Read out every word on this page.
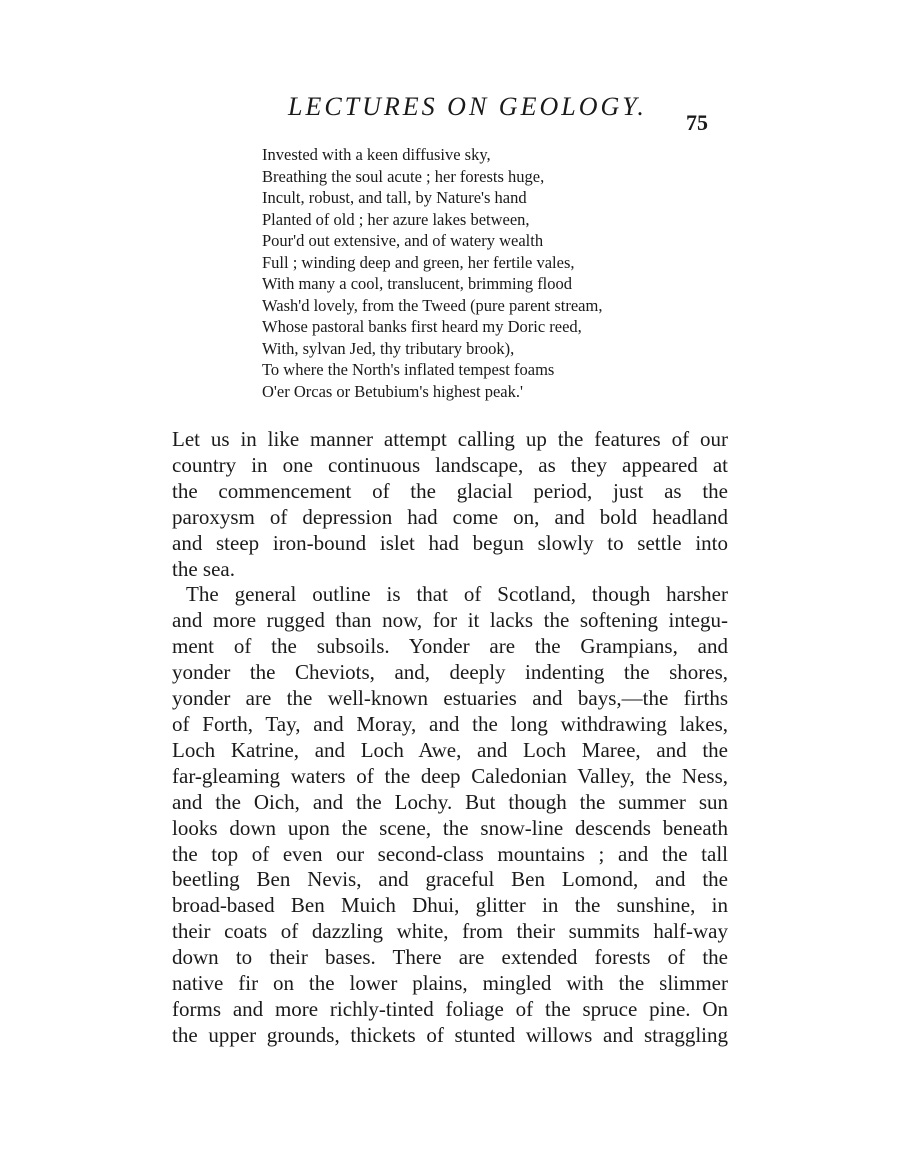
LECTURES ON GEOLOGY.
75
Invested with a keen diffusive sky,
Breathing the soul acute ; her forests huge,
Incult, robust, and tall, by Nature's hand
Planted of old ; her azure lakes between,
Pour'd out extensive, and of watery wealth
Full ; winding deep and green, her fertile vales,
With many a cool, translucent, brimming flood
Wash'd lovely, from the Tweed (pure parent stream,
Whose pastoral banks first heard my Doric reed,
With, sylvan Jed, thy tributary brook),
To where the North's inflated tempest foams
O'er Orcas or Betubium's highest peak.'

Let us in like manner attempt calling up the features of our
country in one continuous landscape, as they appeared at
the commencement of the glacial period, just as the
paroxysm of depression had come on, and bold headland
and steep iron-bound islet had begun slowly to settle into
the sea.

The general outline is that of Scotland, though harsher
and more rugged than now, for it lacks the softening integu-
ment of the subsoils. Yonder are the Grampians, and
yonder the Cheviots, and, deeply indenting the shores,
yonder are the well-known estuaries and bays,—the firths
of Forth, Tay, and Moray, and the long withdrawing lakes,
Loch Katrine, and Loch Awe, and Loch Maree, and the
far-gleaming waters of the deep Caledonian Valley, the Ness,
and the Oich, and the Lochy. But though the summer sun
looks down upon the scene, the snow-line descends beneath
the top of even our second-class mountains ; and the tall
beetling Ben Nevis, and graceful Ben Lomond, and the
broad-based Ben Muich Dhui, glitter in the sunshine, in
their coats of dazzling white, from their summits half-way
down to their bases. There are extended forests of the
native fir on the lower plains, mingled with the slimmer
forms and more richly-tinted foliage of the spruce pine. On
the upper grounds, thickets of stunted willows and straggling
